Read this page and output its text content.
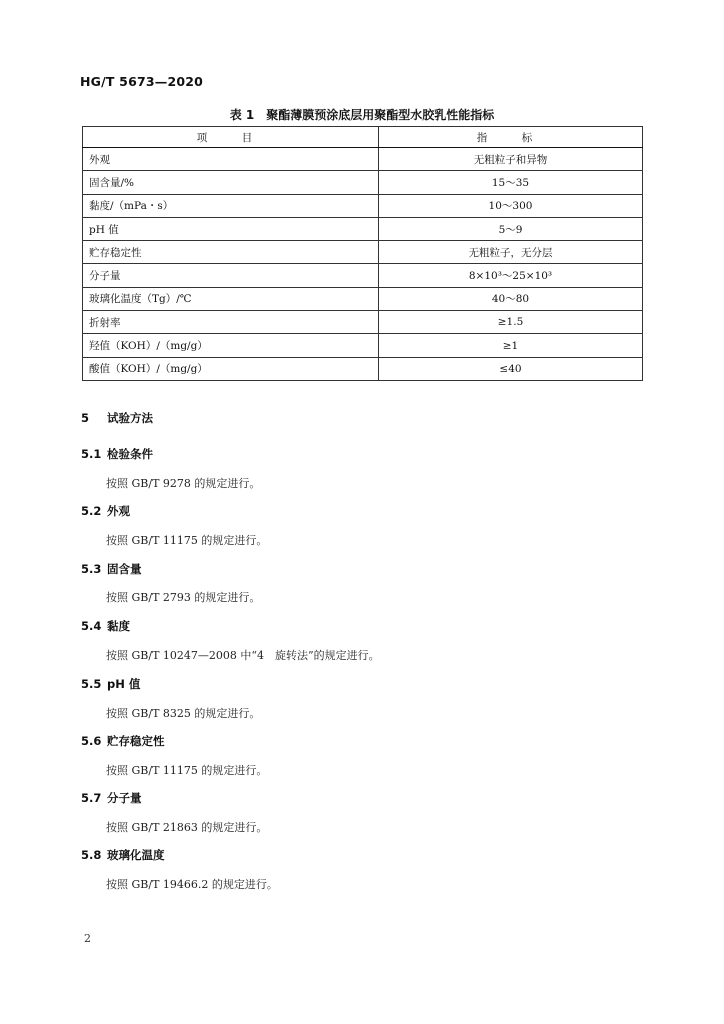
HG/T 5673—2020
表 1　聚酯薄膜预涂底层用聚酯型水胶乳性能指标
项　目	指　标
外观	无粗粒子和异物
固含量/%	15～35
黏度/（mPa・s）	10～300
pH 值	5～9
贮存稳定性	无粗粒子，无分层
分子量	8×10³～25×10³
玻璃化温度（Tg）/℃	40～80
折射率	≥1.5
羟值（KOH）/（mg/g）	≥1
酸值（KOH）/（mg/g）	≤40
5 试验方法
5.1 检验条件
按照 GB/T 9278 的规定进行。
5.2 外观
按照 GB/T 11175 的规定进行。
5.3 固含量
按照 GB/T 2793 的规定进行。
5.4 黏度
按照 GB/T 10247—2008 中“4　旋转法”的规定进行。
5.5 pH 值
按照 GB/T 8325 的规定进行。
5.6 贮存稳定性
按照 GB/T 11175 的规定进行。
5.7 分子量
按照 GB/T 21863 的规定进行。
5.8 玻璃化温度
按照 GB/T 19466.2 的规定进行。
2
